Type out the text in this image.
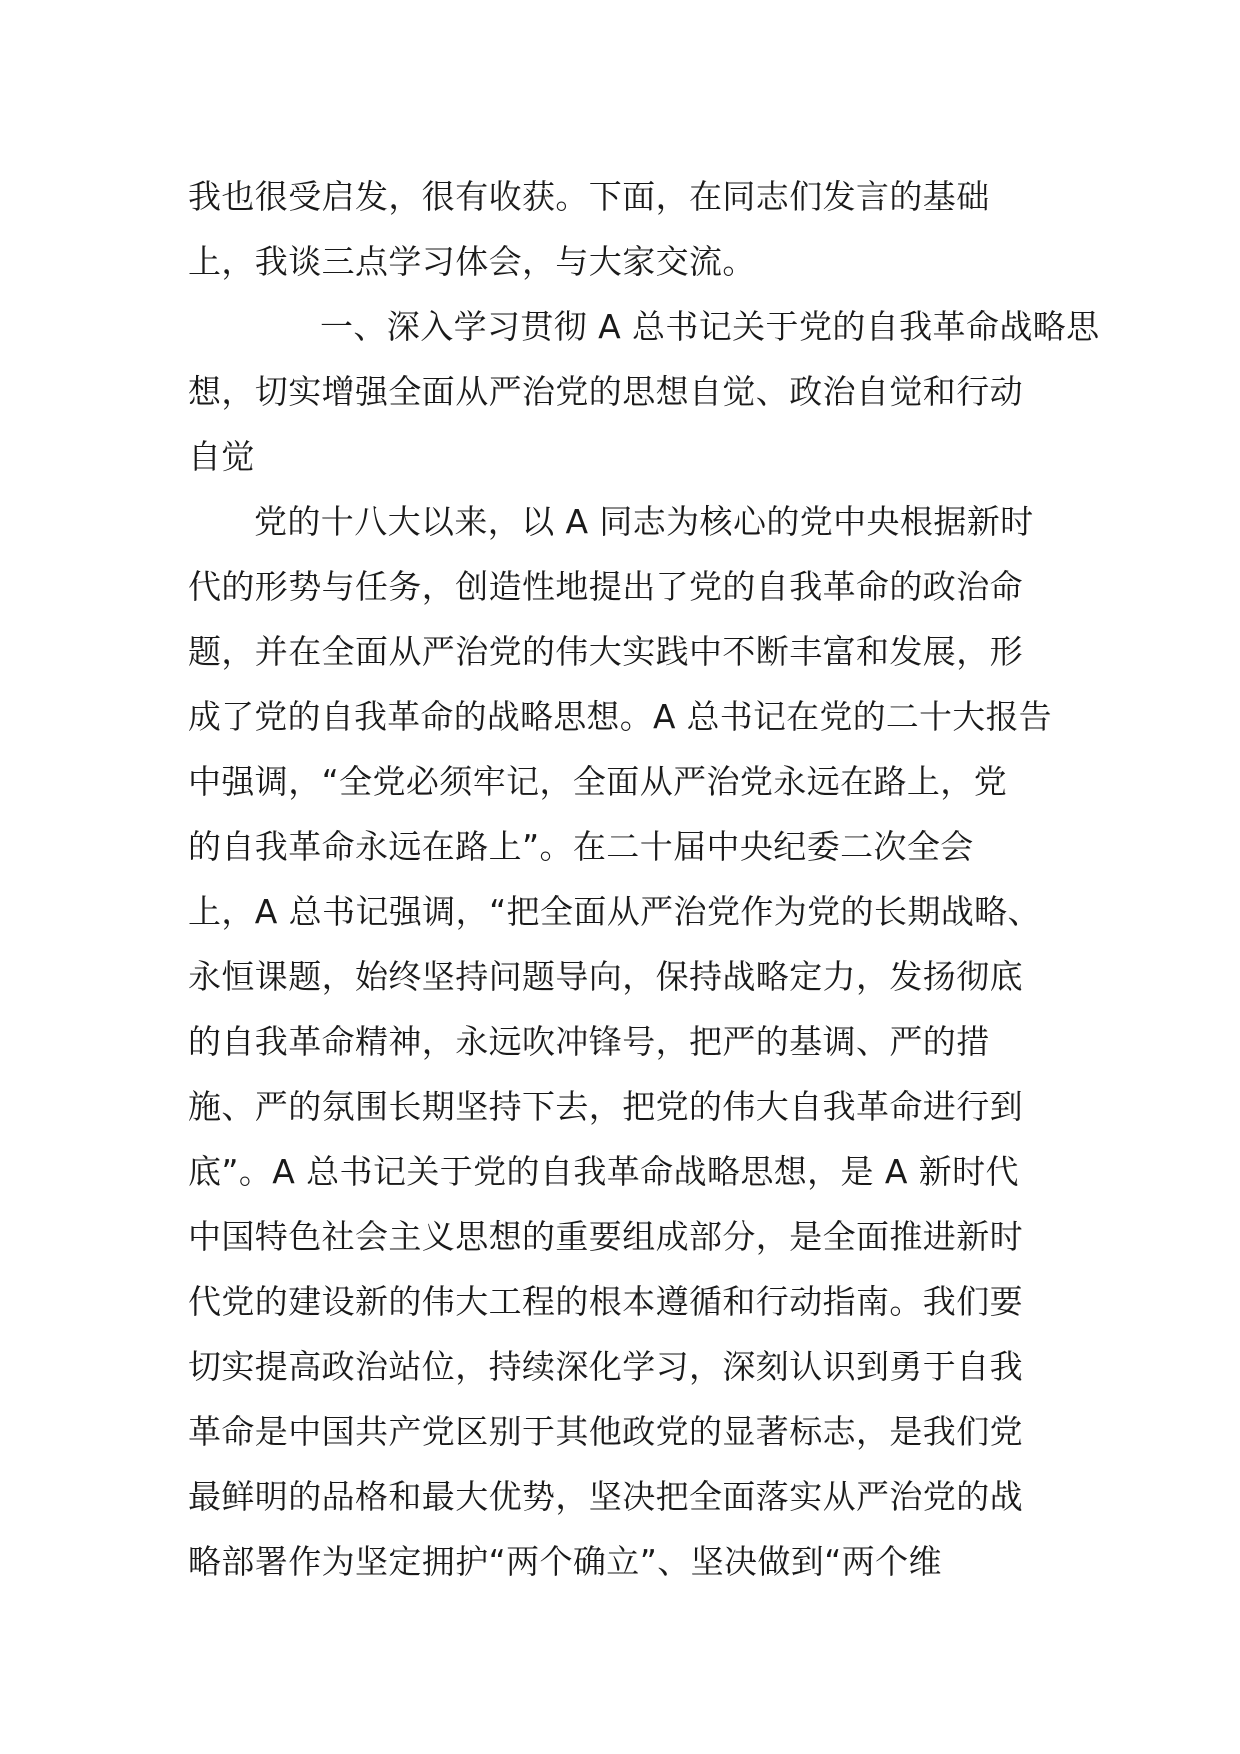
我也很受启发，很有收获。下面，在同志们发言的基础
上，我谈三点学习体会，与大家交流。
一、深入学习贯彻 A 总书记关于党的自我革命战略思
想，切实增强全面从严治党的思想自觉、政治自觉和行动
自觉
党的十八大以来，以 A 同志为核心的党中央根据新时
代的形势与任务，创造性地提出了党的自我革命的政治命
题，并在全面从严治党的伟大实践中不断丰富和发展，形
成了党的自我革命的战略思想。A 总书记在党的二十大报告
中强调，“全党必须牢记，全面从严治党永远在路上，党
的自我革命永远在路上”。在二十届中央纪委二次全会
上，A 总书记强调，“把全面从严治党作为党的长期战略、
永恒课题，始终坚持问题导向，保持战略定力，发扬彻底
的自我革命精神，永远吹冲锋号，把严的基调、严的措
施、严的氛围长期坚持下去，把党的伟大自我革命进行到
底”。A 总书记关于党的自我革命战略思想，是 A 新时代
中国特色社会主义思想的重要组成部分，是全面推进新时
代党的建设新的伟大工程的根本遵循和行动指南。我们要
切实提高政治站位，持续深化学习，深刻认识到勇于自我
革命是中国共产党区别于其他政党的显著标志，是我们党
最鲜明的品格和最大优势，坚决把全面落实从严治党的战
略部署作为坚定拥护“两个确立”、坚决做到“两个维
